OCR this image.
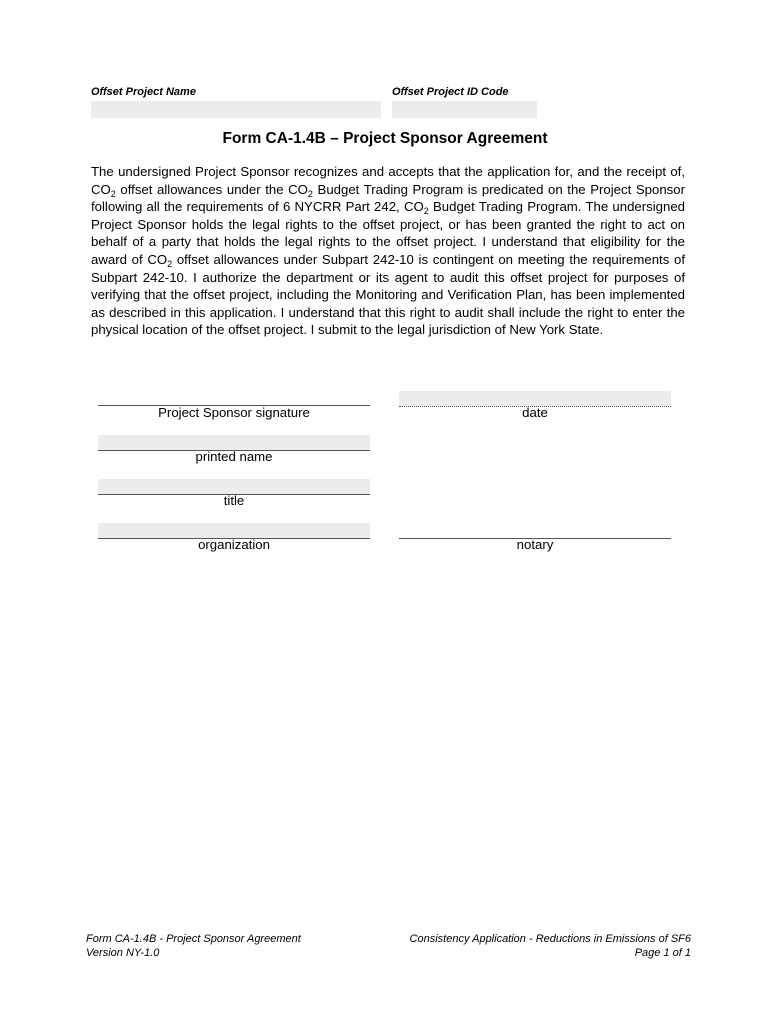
Offset Project Name	Offset Project ID Code
Form CA-1.4B – Project Sponsor Agreement

The undersigned Project Sponsor recognizes and accepts that the application for, and the receipt of, $CO_2$ offset allowances under the $CO_2$ Budget Trading Program is predicated on the Project Sponsor following all the requirements of 6 NYCRR Part 242, $CO_2$ Budget Trading Program. The undersigned Project Sponsor holds the legal rights to the offset project, or has been granted the right to act on behalf of a party that holds the legal rights to the offset project. I understand that eligibility for the award of $CO_2$ offset allowances under Subpart 242-10 is contingent on meeting the requirements of Subpart 242-10. I authorize the department or its agent to audit this offset project for purposes of verifying that the offset project, including the Monitoring and Verification Plan, has been implemented as described in this application. I understand that this right to audit shall include the right to enter the physical location of the offset project. I submit to the legal jurisdiction of New York State.

Project Sponsor signature
printed name
title
organization
date
notary
Form CA-1.4B - Project Sponsor Agreement
Version NY-1.0
Consistency Application - Reductions in Emissions of SF6
Page 1 of 1
